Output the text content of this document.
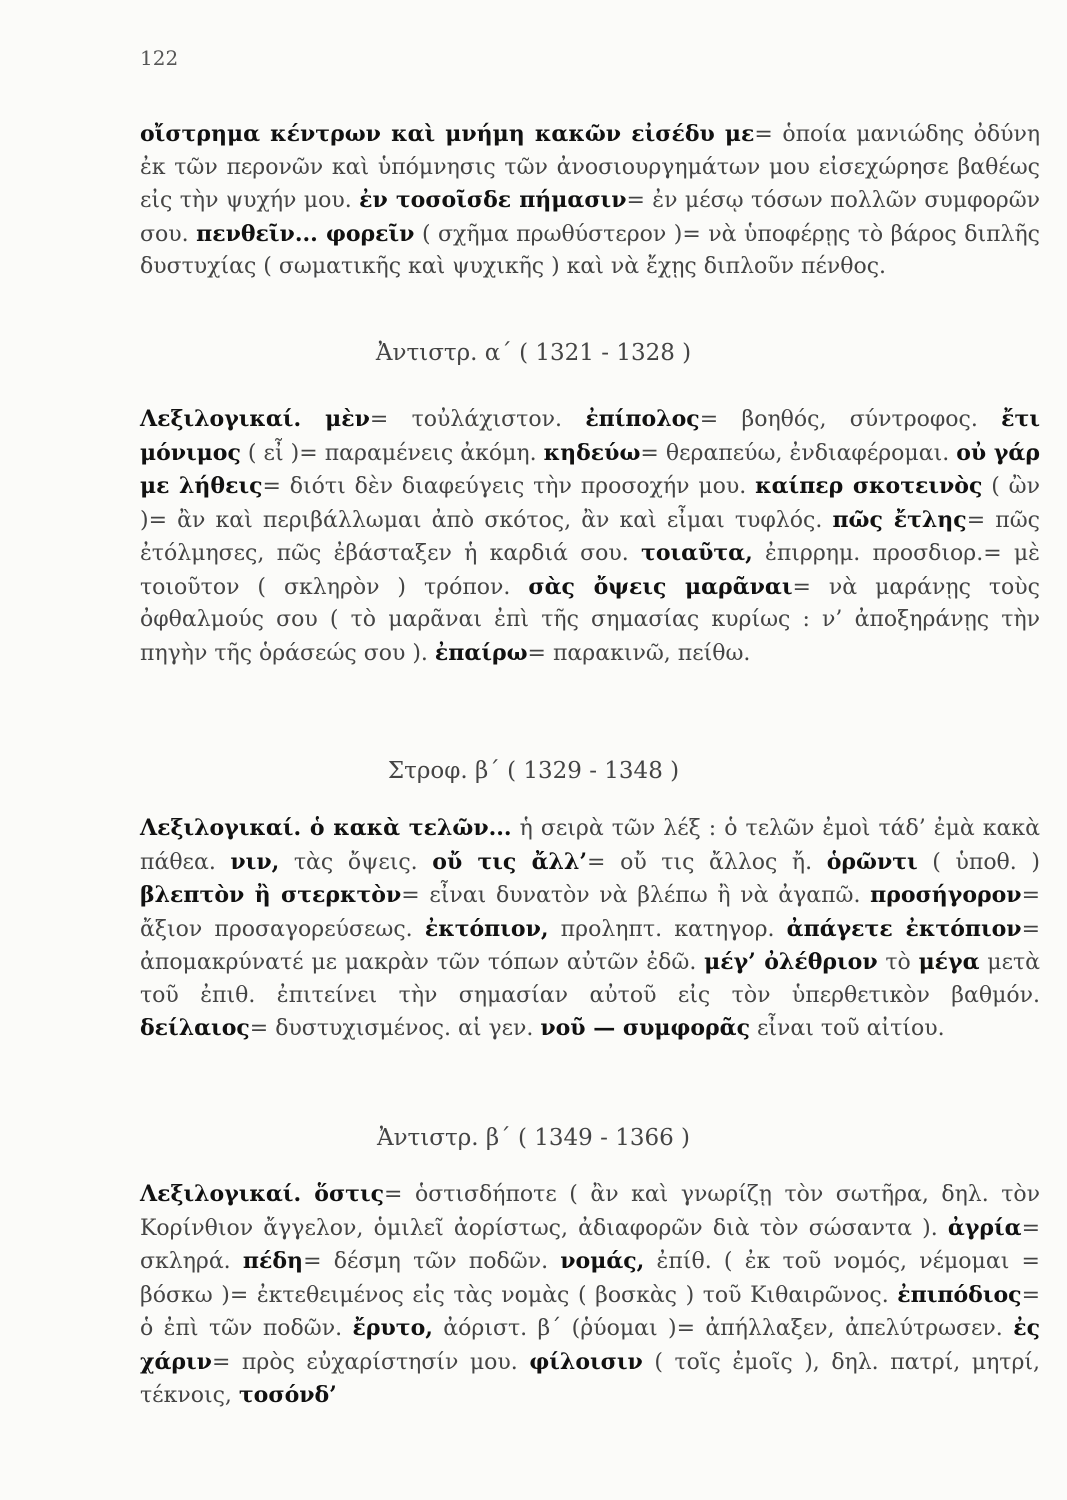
122
οἴστρημα κέντρων καὶ μνήμη κακῶν εἰσέδυ με= ὁποία μανιώδης ὀδύνη ἐκ τῶν περονῶν καὶ ὑπόμνησις τῶν ἀνοσιουργημάτων μου εἰσεχώρησε βαθέως εἰς τὴν ψυχήν μου. ἐν τοσοῖσδε πήμασιν= ἐν μέσῳ τόσων πολλῶν συμφορῶν σου. πενθεῖν... φορεῖν ( σχῆμα πρωθύστερον )= νὰ ὑποφέρῃς τὸ βάρος διπλῆς δυστυχίας ( σωματικῆς καὶ ψυχικῆς ) καὶ νὰ ἔχῃς διπλοῦν πένθος.
Ἀντιστρ. α΄ ( 1321 - 1328 )
Λεξιλογικαί. μὲν= τοὐλάχιστον. ἐπίπολος= βοηθός, σύντροφος. ἔτι μόνιμος ( εἶ )= παραμένεις ἀκόμη. κηδεύω= θεραπεύω, ἐνδιαφέρομαι. οὐ γάρ με λήθεις= διότι δὲν διαφεύγεις τὴν προσοχήν μου. καίπερ σκοτεινὸς ( ὢν )= ἂν καὶ περιβάλλωμαι ἀπὸ σκότος, ἂν καὶ εἶμαι τυφλός. πῶς ἔτλης= πῶς ἐτόλμησες, πῶς ἐβάσταξεν ἡ καρδιά σου. τοιαῦτα, ἐπιρρημ. προσδιορ.= μὲ τοιοῦτον ( σκληρὸν ) τρόπον. σὰς ὄψεις μαρᾶναι= νὰ μαράνῃς τοὺς ὀφθαλμούς σου ( τὸ μαρᾶναι ἐπὶ τῆς σημασίας κυρίως : ν’ ἀποξηράνῃς τὴν πηγὴν τῆς ὁράσεώς σου ). ἐπαίρω= παρακινῶ, πείθω.
Στροφ. β΄ ( 1329 - 1348 )
Λεξιλογικαί. ὁ κακὰ τελῶν... ἡ σειρὰ τῶν λέξ : ὁ τελῶν ἐμοὶ τάδ’ ἐμὰ κακὰ πάθεα. νιν, τὰς ὄψεις. οὔ τις ἄλλ’= οὔ τις ἄλλος ἤ. ὁρῶντι ( ὑποθ. ) βλεπτὸν ἢ στερκτὸν= εἶναι δυνατὸν νὰ βλέπω ἢ νὰ ἀγαπῶ. προσήγορον= ἄξιον προσαγορεύσεως. ἐκτόπιον, προληπτ. κατηγορ. ἀπάγετε ἐκτόπιον= ἀπομακρύνατέ με μακρὰν τῶν τόπων αὐτῶν ἐδῶ. μέγ’ ὀλέθριον τὸ μέγα μετὰ τοῦ ἐπιθ. ἐπιτείνει τὴν σημασίαν αὐτοῦ εἰς τὸν ὑπερθετικὸν βαθμόν. δείλαιος= δυστυχισμένος. αἱ γεν. νοῦ — συμφορᾶς εἶναι τοῦ αἰτίου.
Ἀντιστρ. β΄ ( 1349 - 1366 )
Λεξιλογικαί. ὅστις= ὁστισδήποτε ( ἂν καὶ γνωρίζῃ τὸν σωτῆρα, δηλ. τὸν Κορίνθιον ἄγγελον, ὁμιλεῖ ἀορίστως, ἀδιαφορῶν διὰ τὸν σώσαντα ). ἀγρία= σκληρά. πέδη= δέσμη τῶν ποδῶν. νομάς, ἐπίθ. ( ἐκ τοῦ νομός, νέμομαι = βόσκω )= ἐκτεθειμένος εἰς τὰς νομὰς ( βοσκὰς ) τοῦ Κιθαιρῶνος. ἐπιπόδιος= ὁ ἐπὶ τῶν ποδῶν. ἔρυτο, ἀόριστ. β΄ (ῥύομαι )= ἀπήλλαξεν, ἀπελύτρωσεν. ἐς χάριν= πρὸς εὐχαρίστησίν μου. φίλοισιν ( τοῖς ἐμοῖς ), δηλ. πατρί, μητρί, τέκνοις, τοσόνδ’
